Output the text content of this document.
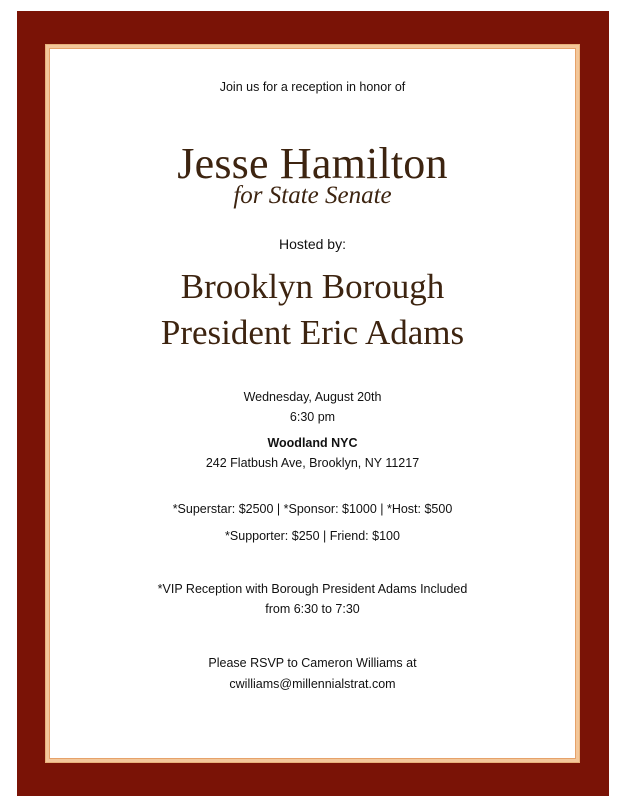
Join us for a reception in honor of
Jesse Hamilton
for State Senate
Hosted by:
Brooklyn Borough
President Eric Adams
Wednesday, August 20th
6:30 pm
Woodland NYC
242 Flatbush Ave, Brooklyn, NY 11217
*Superstar: $2500 | *Sponsor: $1000 | *Host: $500
*Supporter: $250 | Friend: $100
*VIP Reception with Borough President Adams Included
from 6:30 to 7:30
Please RSVP to Cameron Williams at
cwilliams@millennialstrat.com
